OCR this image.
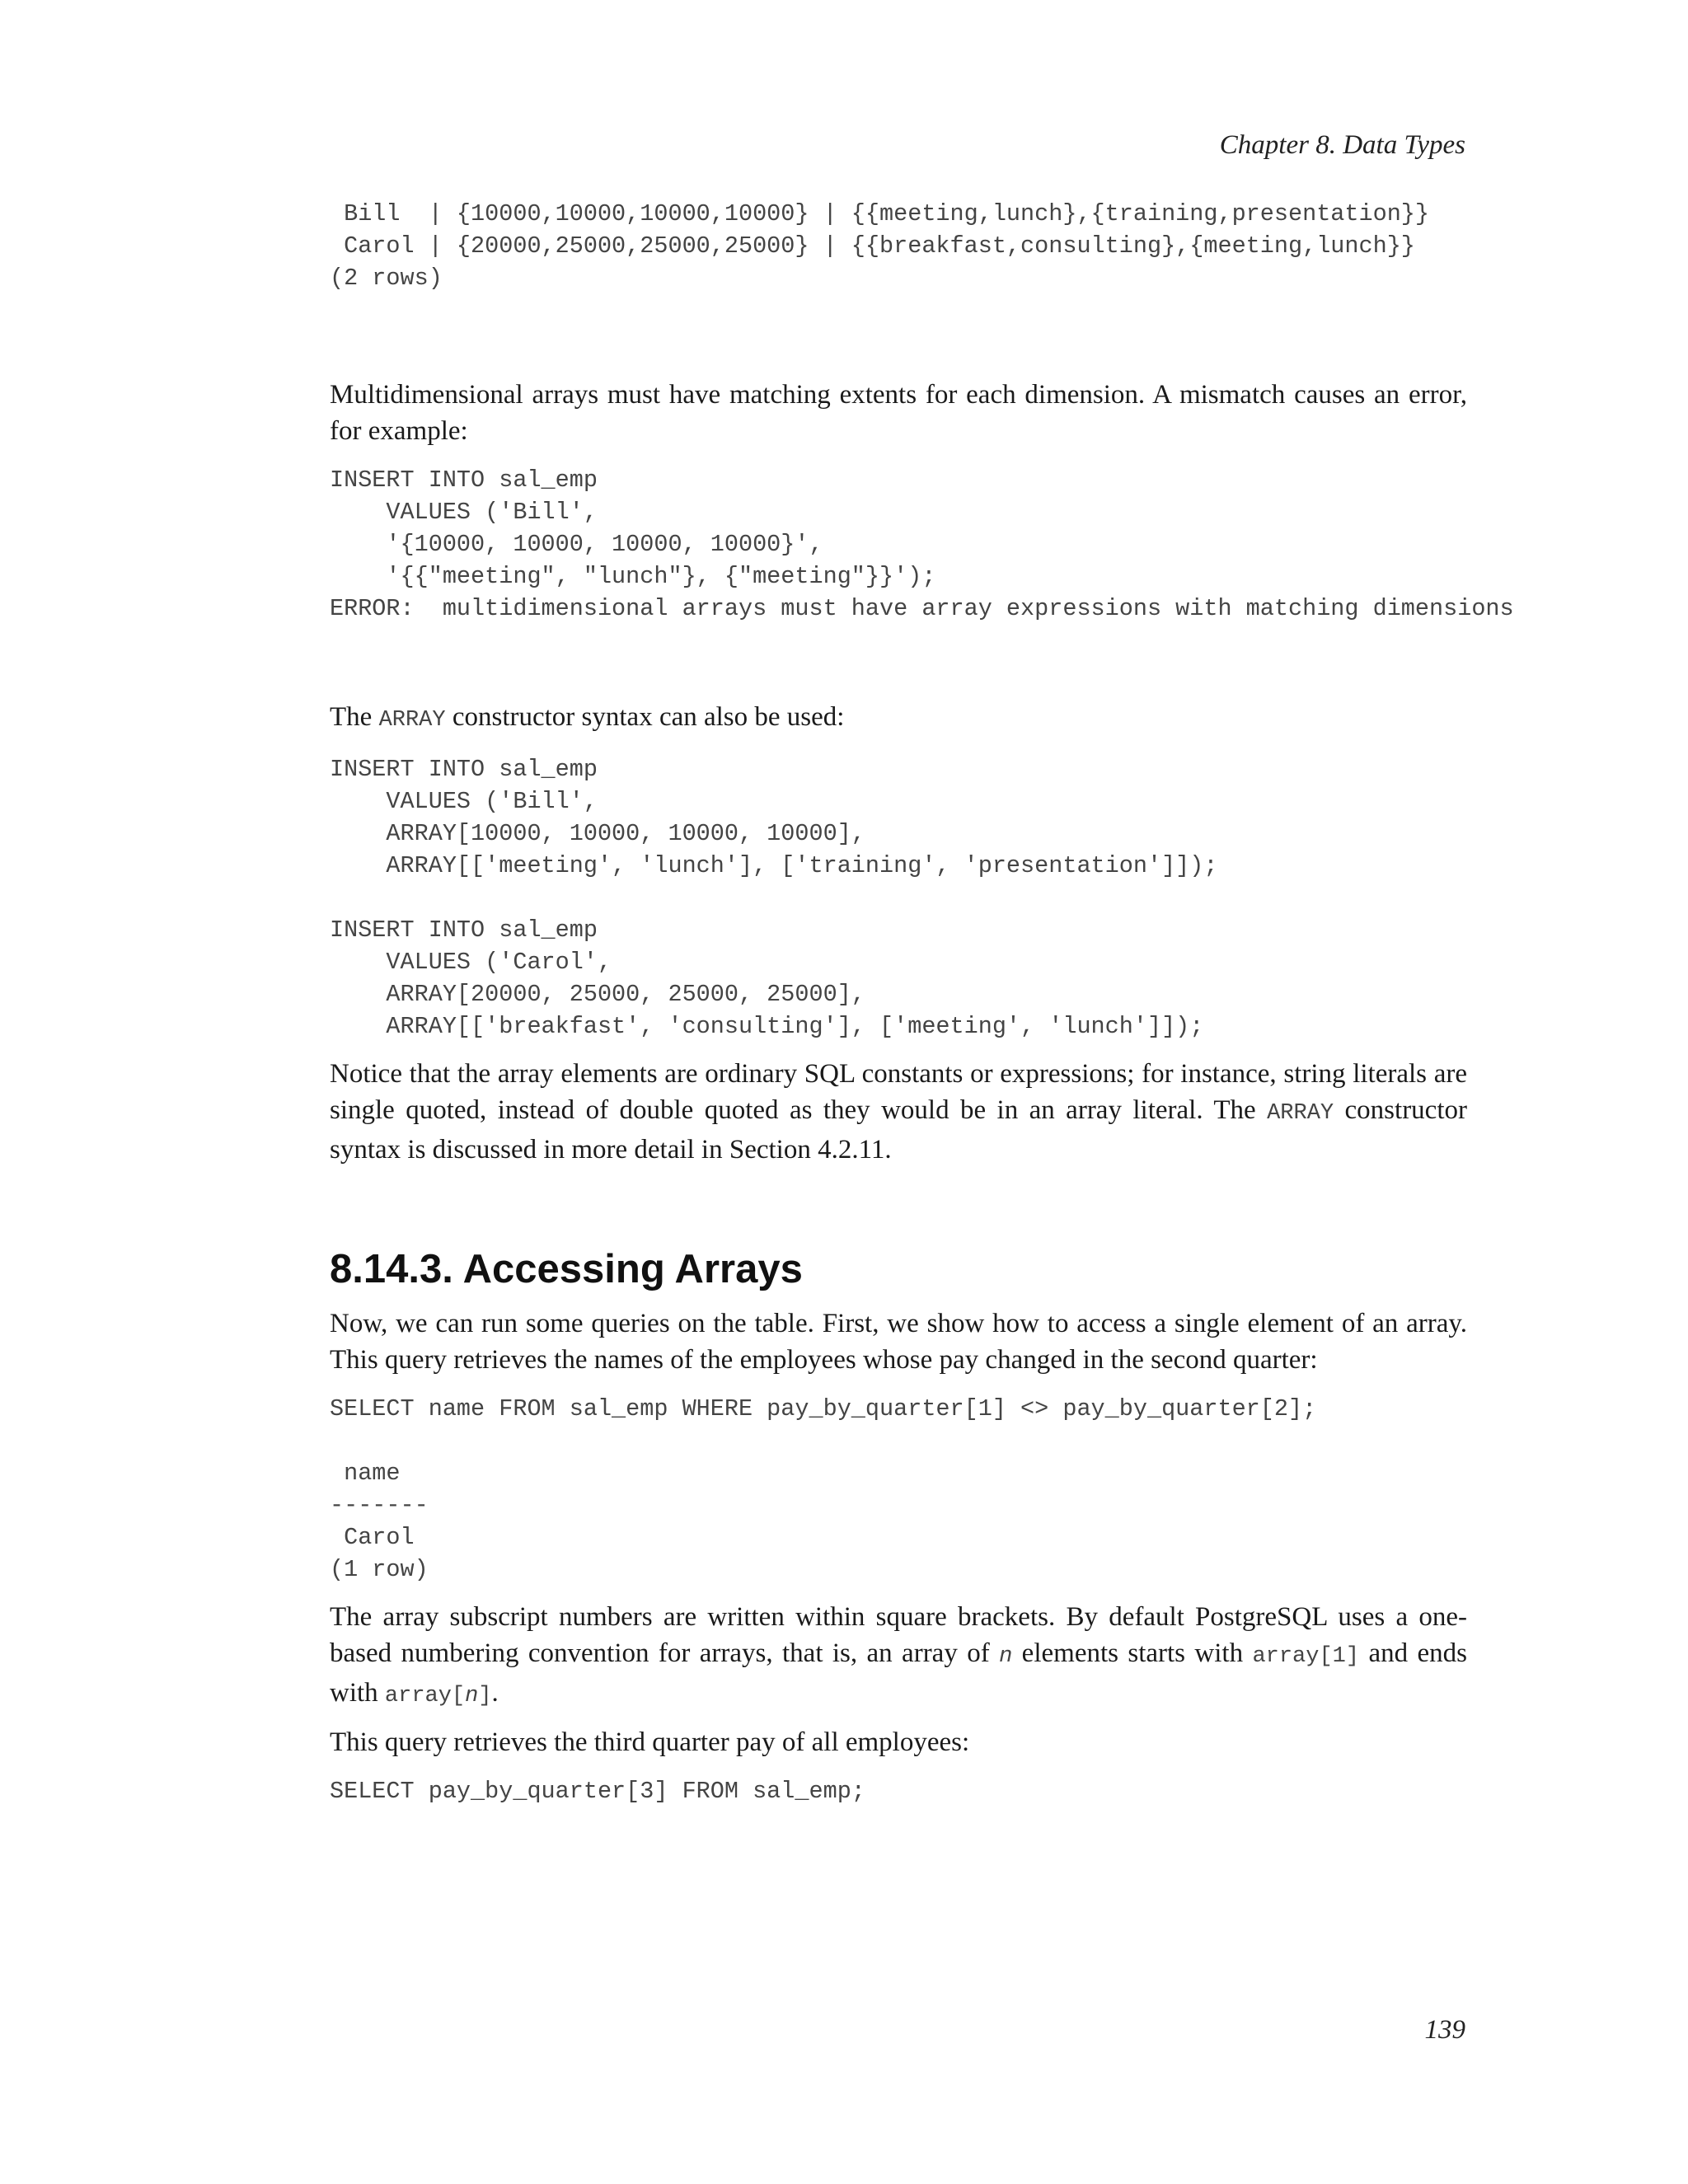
Chapter 8. Data Types
Bill  | {10000,10000,10000,10000} | {{meeting,lunch},{training,presentation}}
Carol | {20000,25000,25000,25000} | {{breakfast,consulting},{meeting,lunch}}
(2 rows)

Multidimensional arrays must have matching extents for each dimension. A mismatch causes an error, for example:

INSERT INTO sal_emp
VALUES ('Bill',
'{10000, 10000, 10000, 10000}',
'{{"meeting", "lunch"}, {"meeting"}}');
ERROR:  multidimensional arrays must have array expressions with matching dimensions

The ARRAY constructor syntax can also be used:

INSERT INTO sal_emp
VALUES ('Bill',
ARRAY[10000, 10000, 10000, 10000],
ARRAY[['meeting', 'lunch'], ['training', 'presentation']]);

INSERT INTO sal_emp
VALUES ('Carol',
ARRAY[20000, 25000, 25000, 25000],
ARRAY[['breakfast', 'consulting'], ['meeting', 'lunch']]);

Notice that the array elements are ordinary SQL constants or expressions; for instance, string literals are single quoted, instead of double quoted as they would be in an array literal. The ARRAY constructor syntax is discussed in more detail in Section 4.2.11.

8.14.3. Accessing Arrays

Now, we can run some queries on the table. First, we show how to access a single element of an array. This query retrieves the names of the employees whose pay changed in the second quarter:

SELECT name FROM sal_emp WHERE pay_by_quarter[1] <> pay_by_quarter[2];

name
-------
Carol
(1 row)

The array subscript numbers are written within square brackets. By default PostgreSQL uses a one-based numbering convention for arrays, that is, an array of n elements starts with array[1] and ends with array[n].

This query retrieves the third quarter pay of all employees:

SELECT pay_by_quarter[3] FROM sal_emp;
139
